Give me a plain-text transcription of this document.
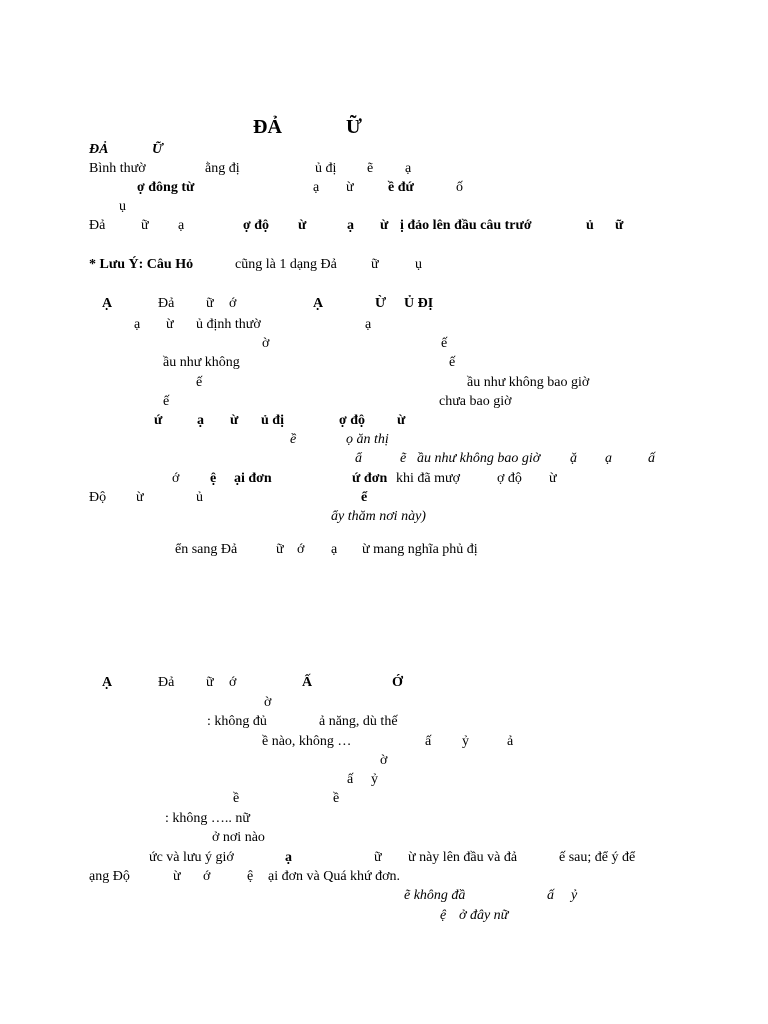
ĐẢ	Ữ
ĐẢ	Ữ
Bình thườ	ằng đị	ủ đị ẽ ạ
ợ đông từ	ạ ừ ề đứ	ố
ụ
Đả	ữ ạ	ợ độ ừ	ạ ừ ị đảo lên đầu câu trướ	ủ ữ
* Lưu Ý: Câu Hỏ	cũng là 1 dạng Đả ữ	ụ
Ạ	Đả ữ ớ	Ạ	Ừ Ủ ĐỊ
ạ ừ ủ định thườ	ạ
ờ	ế
ầu như không	ế
ế	ầu như không bao giờ
ế	chưa bao giờ
ứ ạ ừ ủ đị	ợ độ ừ
ề	ọ ăn thị
ẩ	ẽ ầu như không bao giờ ặ ạ	ấ
ớ ệ ại đơn	ứ đơn khi đã mượ	ợ độ ừ
Độ ừ	ủ	ể
ẩy thăm nơi này)
ển sang Đả	ữ ớ ạ ừ mang nghĩa phủ đị
Ạ	Đả ữ ớ	Ấ	Ớ
ờ
: không đủ	ả năng, dù thế
ề nào, không …	ấ ỷ	ả
ờ
ấ ỷ
ề	ề
: không ….. nữ
ở nơi nào
ức và lưu ý giớ	ạ	ữ ừ này lên đầu và đả	ế sau; để ý để
ạng Độ	ừ ớ	ệ ại đơn và Quá khứ đơn.
ẽ không đầ	ấ ỷ
ệ ở đây nữ
